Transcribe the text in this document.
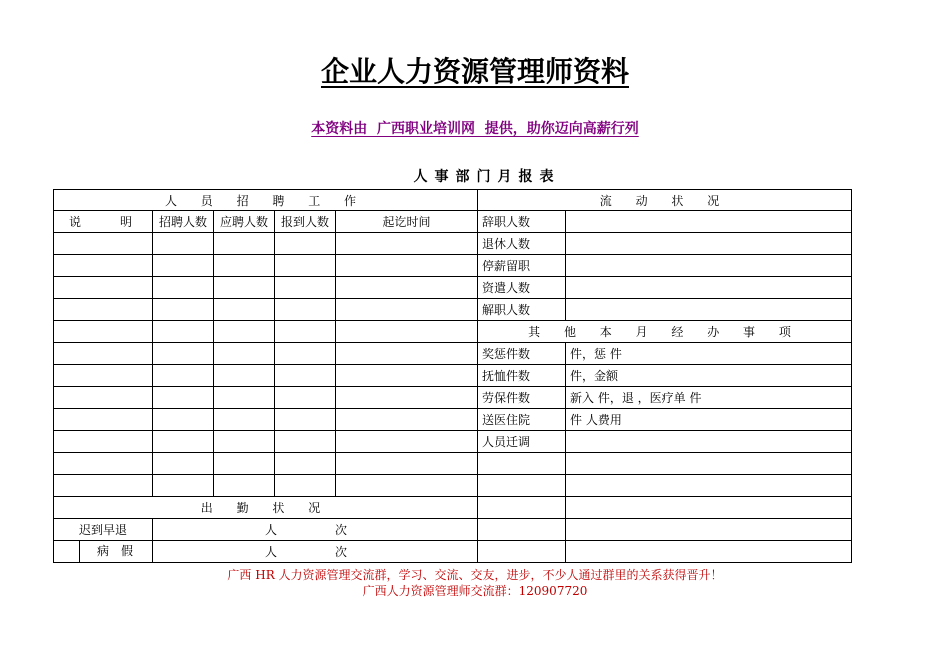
企业人力资源管理师资料
本资料由  广西职业培训网  提供，助你迈向高薪行列
人事部门月报表
人 员 招 聘 工 作					流 动 状 况	
说　　明	招聘人数	应聘人数	报到人数	起讫时间	辞职人数	
					退休人数	
					停薪留职	
					资遣人数	
					解职人数	
					其 他 本 月 经 办 事 项	
					奖惩件数	件，惩 件
					抚恤件数	件，金额
					劳保件数	新入 件，退 ，医疗单 件
					送医住院	件 人费用
					人员迁调	

出 勤 状 况						
迟到早退	人 次					
病　假	人 次					
广西 HR 人力资源管理交流群，学习、交流、交友，进步，不少人通过群里的关系获得晋升！
广西人力资源管理师交流群：120907720
